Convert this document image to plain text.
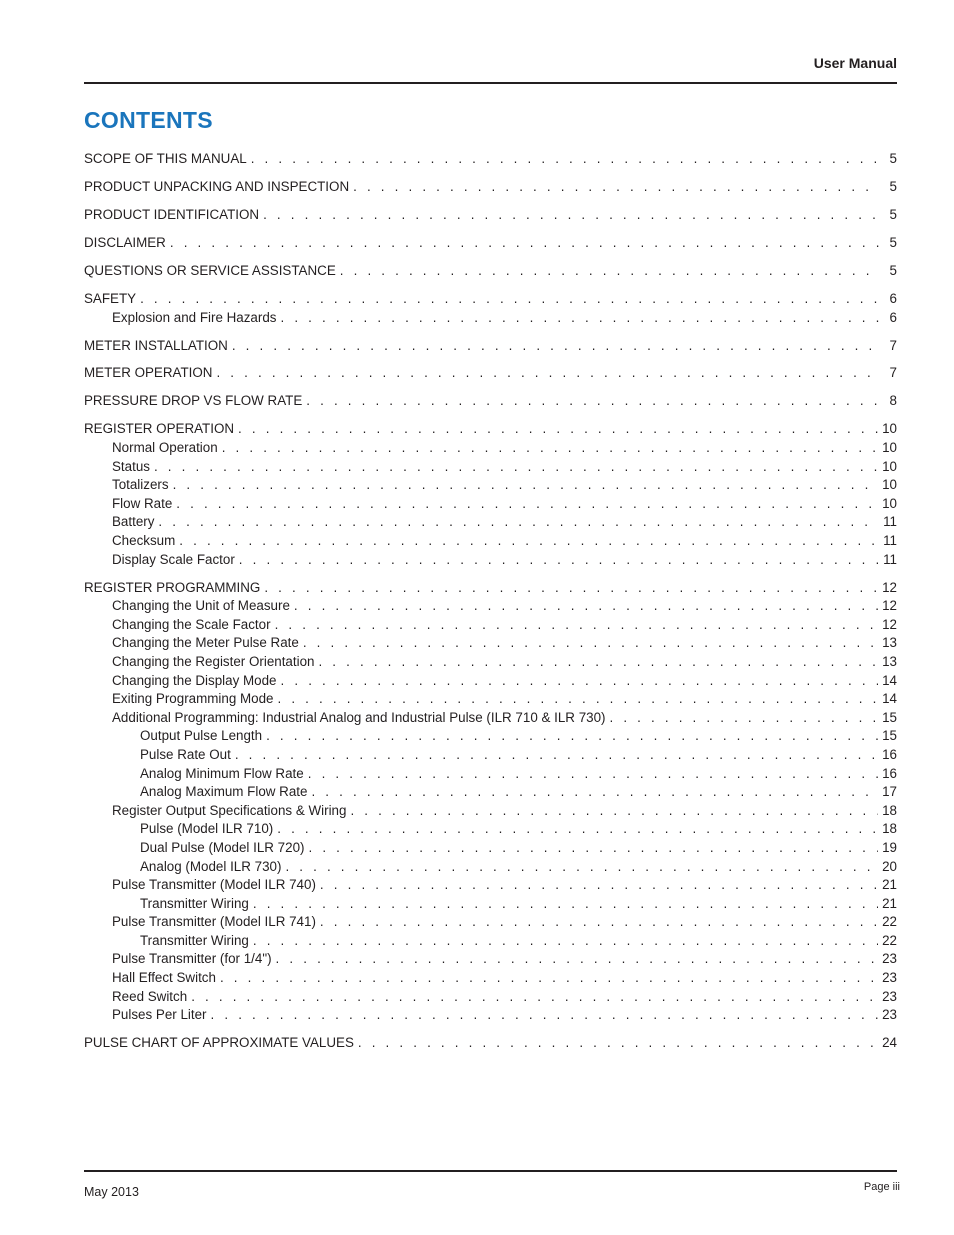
User Manual
CONTENTS
SCOPE OF THIS MANUAL . . .	5
PRODUCT UNPACKING AND INSPECTION . . .	5
PRODUCT IDENTIFICATION . . .	5
DISCLAIMER . . .	5
QUESTIONS OR SERVICE ASSISTANCE . . .	5
SAFETY . . .	6
Explosion and Fire Hazards . . .	6
METER INSTALLATION . . .	7
METER OPERATION . . .	7
PRESSURE DROP VS FLOW RATE . . .	8
REGISTER OPERATION . . .	10
Normal Operation . . .	10
Status . . .	10
Totalizers . . .	10
Flow Rate . . .	10
Battery . . .	11
Checksum . . .	11
Display Scale Factor . . .	11
REGISTER PROGRAMMING . . .	12
Changing the Unit of Measure . . .	12
Changing the Scale Factor . . .	12
Changing the Meter Pulse Rate . . .	13
Changing the Register Orientation . . .	13
Changing the Display Mode . . .	14
Exiting Programming Mode . . .	14
Additional Programming: Industrial Analog and Industrial Pulse (ILR 710 & ILR 730) . . .	15
Output Pulse Length . . .	15
Pulse Rate Out . . .	16
Analog Minimum Flow Rate . . .	16
Analog Maximum Flow Rate . . .	17
Register Output Specifications & Wiring . . .	18
Pulse (Model ILR 710) . . .	18
Dual Pulse (Model ILR 720) . . .	19
Analog (Model ILR 730) . . .	20
Pulse Transmitter (Model ILR 740) . . .	21
Transmitter Wiring . . .	21
Pulse Transmitter (Model ILR 741) . . .	22
Transmitter Wiring . . .	22
Pulse Transmitter (for 1/4") . . .	23
Hall Effect Switch . . .	23
Reed Switch . . .	23
Pulses Per Liter . . .	23
PULSE CHART OF APPROXIMATE VALUES . . .	24
May 2013	Page iii
